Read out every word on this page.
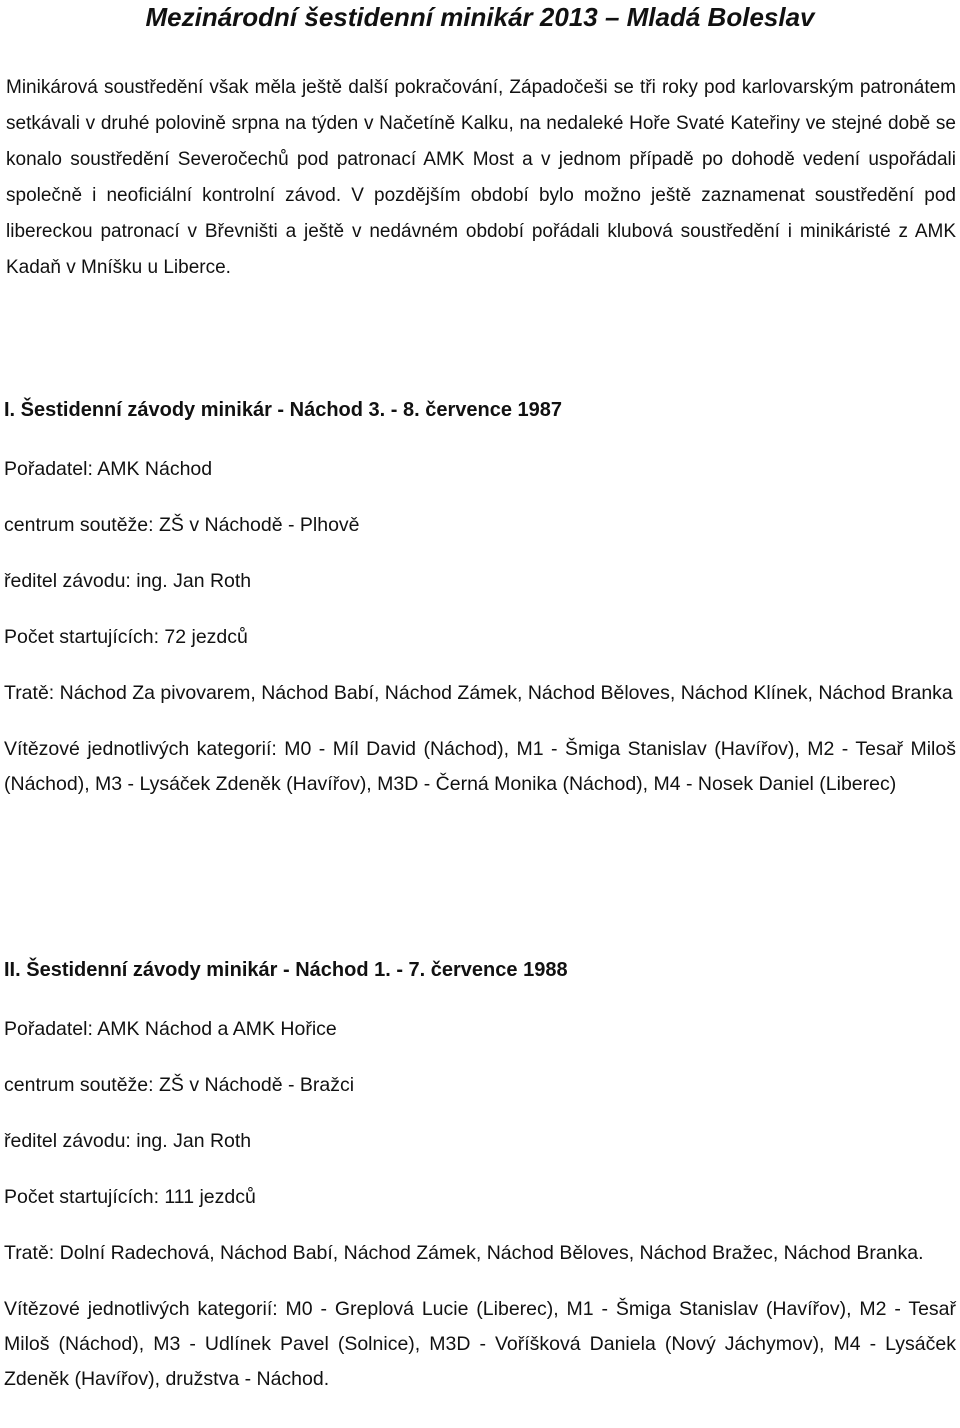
Mezinárodní šestidenní minikár 2013 – Mladá Boleslav

Minikárová soustředění však měla ještě další pokračování, Západočeši se tři roky pod karlovarským patronátem setkávali v druhé polovině srpna na týden v Načetíně Kalku, na nedaleké Hoře Svaté Kateřiny ve stejné době se konalo soustředění Severočechů pod patronací AMK Most a v jednom případě po dohodě vedení uspořádali společně i neoficiální kontrolní závod. V pozdějším období bylo možno ještě zaznamenat soustředění pod libereckou patronací v Břevništi a ještě v nedávném období pořádali klubová soustředění i minikáristé z AMK Kadaň v Mníšku u Liberce.

I. Šestidenní závody minikár - Náchod 3. - 8. července 1987

Pořadatel: AMK Náchod

centrum soutěže: ZŠ v Náchodě - Plhově

ředitel závodu: ing. Jan Roth

Počet startujících: 72 jezdců

Tratě: Náchod Za pivovarem, Náchod Babí, Náchod Zámek, Náchod Běloves, Náchod Klínek, Náchod Branka

Vítězové jednotlivých kategorií: M0 - Míl David (Náchod), M1 - Šmiga Stanislav (Havířov), M2 - Tesař Miloš (Náchod), M3 - Lysáček Zdeněk (Havířov), M3D - Černá Monika (Náchod), M4 - Nosek Daniel (Liberec)

II. Šestidenní závody minikár - Náchod 1. - 7. července 1988

Pořadatel: AMK Náchod a AMK Hořice

centrum soutěže: ZŠ v Náchodě - Bražci

ředitel závodu: ing. Jan Roth

Počet startujících: 111 jezdců

Tratě: Dolní Radechová, Náchod Babí, Náchod Zámek, Náchod Běloves, Náchod Bražec, Náchod Branka.

Vítězové jednotlivých kategorií: M0 - Greplová Lucie (Liberec), M1 - Šmiga Stanislav (Havířov), M2 - Tesař Miloš (Náchod), M3 - Udlínek Pavel (Solnice), M3D - Voříšková Daniela (Nový Jáchymov), M4 - Lysáček Zdeněk (Havířov), družstva - Náchod.
